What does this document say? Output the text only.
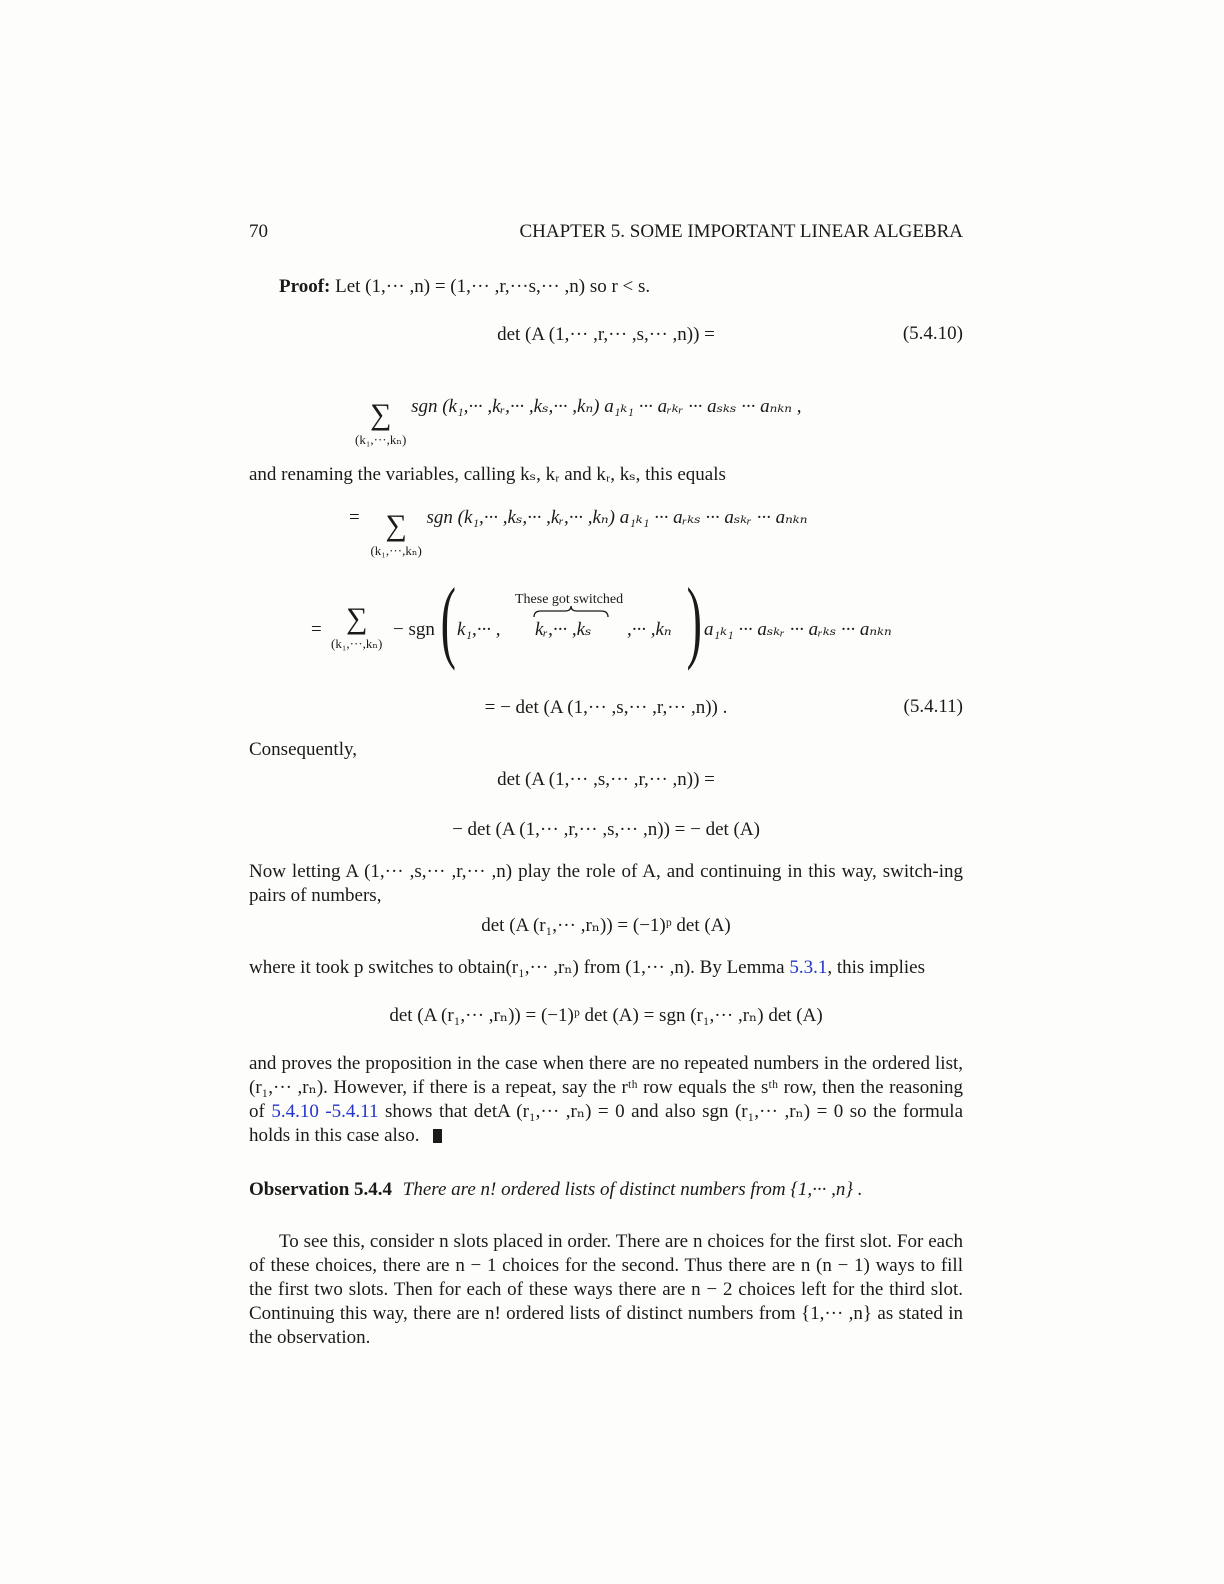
70	CHAPTER 5. SOME IMPORTANT LINEAR ALGEBRA
Proof: Let (1,··· ,n) = (1,··· ,r,···s,··· ,n) so r < s.
det (A (1,··· ,r,··· ,s,··· ,n)) =	(5.4.10)
∑
(k₁,···,kₙ)
sgn (k₁,··· ,kᵣ,··· ,kₛ,··· ,kₙ) a₁ₖ₁ ··· aᵣₖᵣ ··· aₛₖₛ ··· aₙₖₙ ,
and renaming the variables, calling kₛ, kᵣ and kᵣ, kₛ, this equals
= ∑
(k₁,···,kₙ)
sgn (k₁,··· ,kₛ,··· ,kᵣ,··· ,kₙ) a₁ₖ₁ ··· aᵣₖₛ ··· aₛₖᵣ ··· aₙₖₙ
= ∑
(k₁,···,kₙ)
− sgn ( k₁,··· ,
These got switched
kᵣ,··· ,kₛ ,··· ,kₙ ) a₁ₖ₁ ··· aₛₖᵣ ··· aᵣₖₛ ··· aₙₖₙ
= − det (A (1,··· ,s,··· ,r,··· ,n)) .	(5.4.11)
Consequently,
det (A (1,··· ,s,··· ,r,··· ,n)) =
− det (A (1,··· ,r,··· ,s,··· ,n)) = − det (A)
Now letting A (1,··· ,s,··· ,r,··· ,n) play the role of A, and continuing in this way, switch-ing pairs of numbers,
det (A (r₁,··· ,rₙ)) = (−1)ᵖ det (A)
where it took p switches to obtain(r₁,··· ,rₙ) from (1,··· ,n). By Lemma 5.3.1, this implies
det (A (r₁,··· ,rₙ)) = (−1)ᵖ det (A) = sgn (r₁,··· ,rₙ) det (A)
and proves the proposition in the case when there are no repeated numbers in the ordered list, (r₁,··· ,rₙ). However, if there is a repeat, say the rᵗʰ row equals the sᵗʰ row, then the reasoning of 5.4.10 -5.4.11 shows that detA (r₁,··· ,rₙ) = 0 and also sgn (r₁,··· ,rₙ) = 0 so the formula holds in this case also.
Observation 5.4.4 There are n! ordered lists of distinct numbers from {1,··· ,n} .
To see this, consider n slots placed in order. There are n choices for the first slot. For each of these choices, there are n − 1 choices for the second. Thus there are n (n − 1) ways to fill the first two slots. Then for each of these ways there are n − 2 choices left for the third slot. Continuing this way, there are n! ordered lists of distinct numbers from {1,··· ,n} as stated in the observation.
